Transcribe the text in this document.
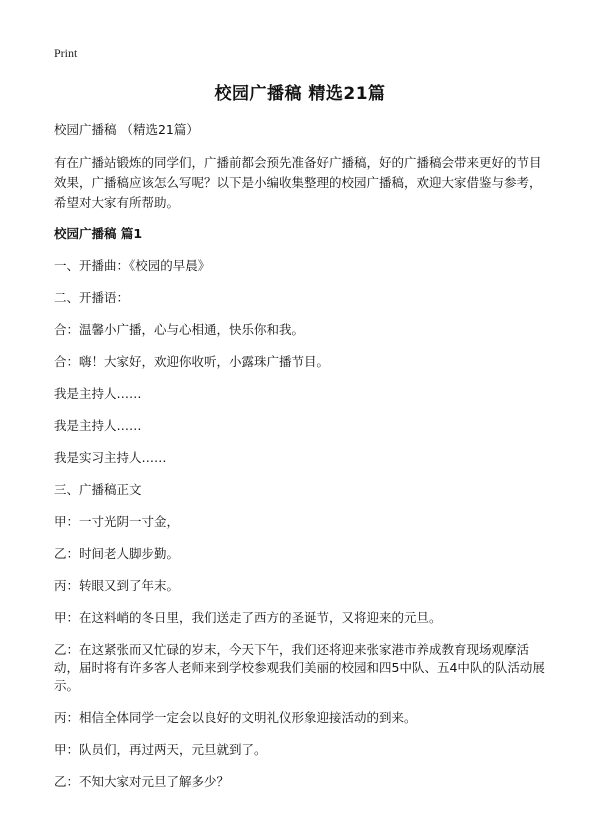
Print
校园广播稿 精选21篇
校园广播稿 （精选21篇）
有在广播站锻炼的同学们，广播前都会预先准备好广播稿，好的广播稿会带来更好的节目效果，广播稿应该怎么写呢？以下是小编收集整理的校园广播稿，欢迎大家借鉴与参考，希望对大家有所帮助。
校园广播稿 篇1
一、开播曲：《校园的早晨》
二、开播语：
合：温馨小广播，心与心相通，快乐你和我。
合：嗨！大家好，欢迎你收听，小露珠广播节目。
我是主持人……
我是主持人……
我是实习主持人……
三、广播稿正文
甲：一寸光阴一寸金，
乙：时间老人脚步勤。
丙：转眼又到了年末。
甲：在这料峭的冬日里，我们送走了西方的圣诞节，又将迎来的元旦。
乙：在这紧张而又忙碌的岁末，今天下午，我们还将迎来张家港市养成教育现场观摩活动，届时将有许多客人老师来到学校参观我们美丽的校园和四5中队、五4中队的队活动展示。
丙：相信全体同学一定会以良好的文明礼仪形象迎接活动的到来。
甲：队员们，再过两天，元旦就到了。
乙：不知大家对元旦了解多少？
